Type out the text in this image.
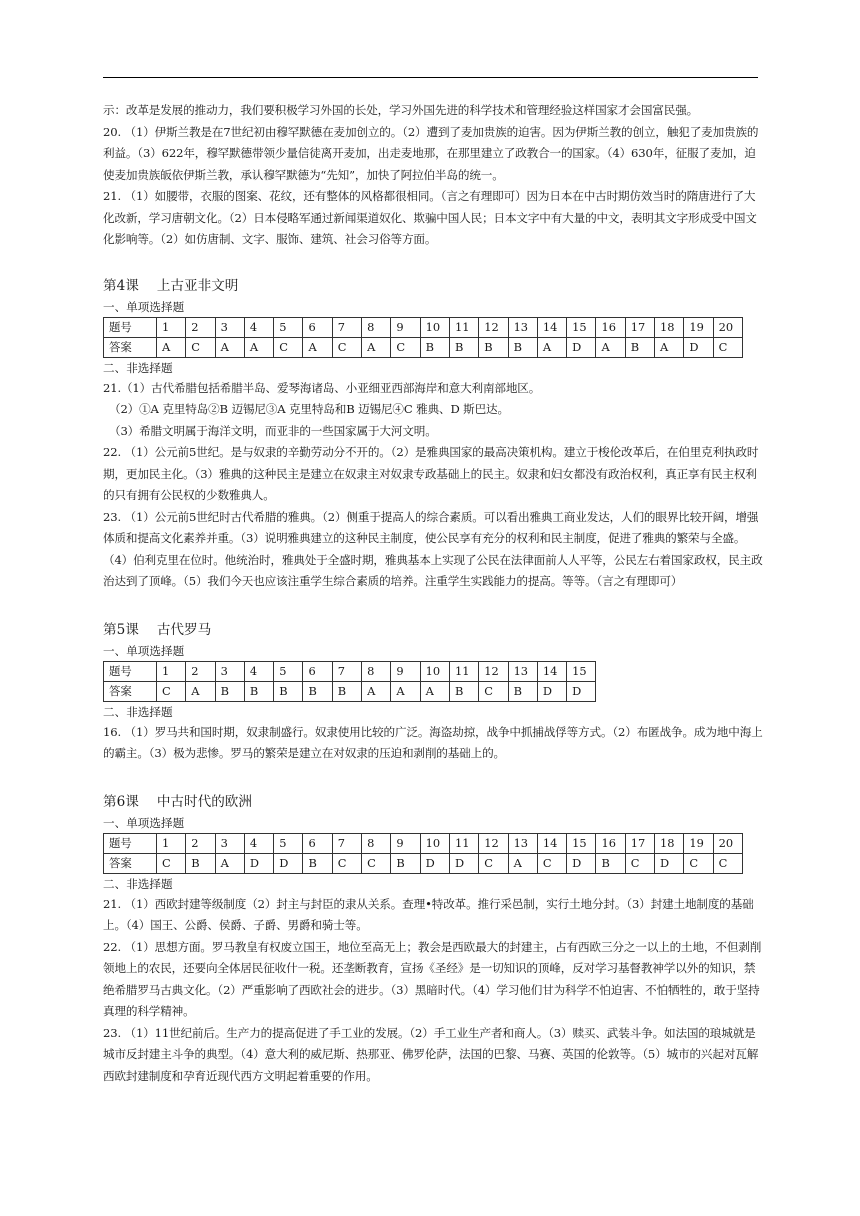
示：改革是发展的推动力，我们要积极学习外国的长处，学习外国先进的科学技术和管理经验这样国家才会国富民强。

20. （1）伊斯兰教是在7世纪初由穆罕默德在麦加创立的。（2）遭到了麦加贵族的迫害。因为伊斯兰教的创立，触犯了麦加贵族的利益。（3）622年，穆罕默德带领少量信徒离开麦加，出走麦地那，在那里建立了政教合一的国家。（4）630年，征服了麦加，迫使麦加贵族皈依伊斯兰教，承认穆罕默德为“先知”，加快了阿拉伯半岛的统一。

21. （1）如腰带，衣服的图案、花纹，还有整体的风格都很相同。（言之有理即可）因为日本在中古时期仿效当时的隋唐进行了大化改新，学习唐朝文化。（2）日本侵略军通过新闻渠道奴化、欺骗中国人民；日本文字中有大量的中文，表明其文字形成受中国文化影响等。（2）如仿唐制、文字、服饰、建筑、社会习俗等方面。

第4课 上古亚非文明

一、单项选择题

题号	1	2	3	4	5	6	7	8	9	10	11	12	13	14	15	16	17	18	19	20
答案	A	C	A	A	C	A	C	A	C	B	B	B	B	A	D	A	B	A	D	C

二、非选择题

21.（1）古代希腊包括希腊半岛、爱琴海诸岛、小亚细亚西部海岸和意大利南部地区。

（2）①A 克里特岛②B 迈锡尼③A 克里特岛和B 迈锡尼④C 雅典、D 斯巴达。

（3）希腊文明属于海洋文明，而亚非的一些国家属于大河文明。

22. （1）公元前5世纪。是与奴隶的辛勤劳动分不开的。（2）是雅典国家的最高决策机构。建立于梭伦改革后，在伯里克利执政时期，更加民主化。（3）雅典的这种民主是建立在奴隶主对奴隶专政基础上的民主。奴隶和妇女都没有政治权利，真正享有民主权利的只有拥有公民权的少数雅典人。

23. （1）公元前5世纪时古代希腊的雅典。（2）侧重于提高人的综合素质。可以看出雅典工商业发达，人们的眼界比较开阔，增强体质和提高文化素养并重。（3）说明雅典建立的这种民主制度，使公民享有充分的权利和民主制度，促进了雅典的繁荣与全盛。（4）伯利克里在位时。他统治时，雅典处于全盛时期，雅典基本上实现了公民在法律面前人人平等，公民左右着国家政权，民主政治达到了顶峰。（5）我们今天也应该注重学生综合素质的培养。注重学生实践能力的提高。等等。（言之有理即可）

第5课 古代罗马

一、单项选择题

题号	1	2	3	4	5	6	7	8	9	10	11	12	13	14	15
答案	C	A	B	B	B	B	B	A	A	A	B	C	B	D	D

二、非选择题

16. （1）罗马共和国时期，奴隶制盛行。奴隶使用比较的广泛。海盗劫掠，战争中抓捕战俘等方式。（2）布匿战争。成为地中海上的霸主。（3）极为悲惨。罗马的繁荣是建立在对奴隶的压迫和剥削的基础上的。

第6课 中古时代的欧洲

一、单项选择题

题号	1	2	3	4	5	6	7	8	9	10	11	12	13	14	15	16	17	18	19	20
答案	C	B	A	D	D	B	C	C	B	D	D	C	A	C	D	B	C	D	C	C

二、非选择题

21. （1）西欧封建等级制度（2）封主与封臣的隶从关系。查理•特改革。推行采邑制，实行土地分封。（3）封建土地制度的基础上。（4）国王、公爵、侯爵、子爵、男爵和骑士等。

22. （1）思想方面。罗马教皇有权废立国王，地位至高无上；教会是西欧最大的封建主，占有西欧三分之一以上的土地，不但剥削领地上的农民，还要向全体居民征收什一税。还垄断教育，宣扬《圣经》是一切知识的顶峰，反对学习基督教神学以外的知识，禁绝希腊罗马古典文化。（2）严重影响了西欧社会的进步。（3）黑暗时代。（4）学习他们甘为科学不怕迫害、不怕牺牲的，敢于坚持真理的科学精神。

23. （1）11世纪前后。生产力的提高促进了手工业的发展。（2）手工业生产者和商人。（3）赎买、武装斗争。如法国的琅城就是城市反封建主斗争的典型。（4）意大利的威尼斯、热那亚、佛罗伦萨，法国的巴黎、马赛、英国的伦敦等。（5）城市的兴起对瓦解西欧封建制度和孕育近现代西方文明起着重要的作用。
